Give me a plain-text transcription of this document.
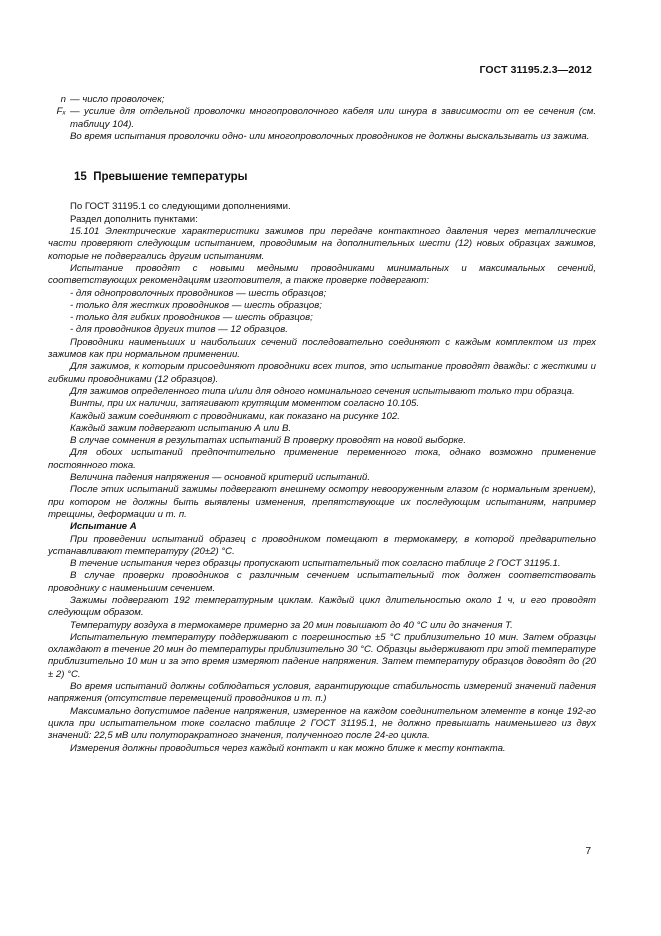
ГОСТ 31195.2.3—2012
n — число проволочек;
Fₓ — усилие для отдельной проволочки многопроволочного кабеля или шнура в зависимости от ее сечения (см. таблицу 104).

Во время испытания проволочки одно- или многопроволочных проводников не должны выскальзывать из зажима.

15 Превышение температуры

По ГОСТ 31195.1 со следующими дополнениями.

Раздел дополнить пунктами:

15.101 Электрические характеристики зажимов при передаче контактного давления через металлические части проверяют следующим испытанием, проводимым на дополнительных шести (12) новых образцах зажимов, которые не подвергались другим испытаниям.

Испытание проводят с новыми медными проводниками минимальных и максимальных сечений, соответствующих рекомендациям изготовителя, а также проверке подвергают:

- для однопроволочных проводников — шесть образцов;

- только для жестких проводников — шесть образцов;

- только для гибких проводников — шесть образцов;

- для проводников других типов — 12 образцов.

Проводники наименьших и наибольших сечений последовательно соединяют с каждым комплектом из трех зажимов как при нормальном применении.

Для зажимов, к которым присоединяют проводники всех типов, это испытание проводят дважды: с жесткими и гибкими проводниками (12 образцов).

Для зажимов определенного типа и/или для одного номинального сечения испытывают только три образца.

Винты, при их наличии, затягивают крутящим моментом согласно 10.105.

Каждый зажим соединяют с проводниками, как показано на рисунке 102.

Каждый зажим подвергают испытанию А или В.

В случае сомнения в результатах испытаний В проверку проводят на новой выборке.

Для обоих испытаний предпочтительно применение переменного тока, однако возможно применение постоянного тока.

Величина падения напряжения — основной критерий испытаний.

После этих испытаний зажимы подвергают внешнему осмотру невооруженным глазом (с нормальным зрением), при котором не должны быть выявлены изменения, препятствующие их последующим испытаниям, например трещины, деформации и т. п.

Испытание А

При проведении испытаний образец с проводником помещают в термокамеру, в которой предварительно устанавливают температуру (20±2) °С.

В течение испытания через образцы пропускают испытательный ток согласно таблице 2 ГОСТ 31195.1.

В случае проверки проводников с различным сечением испытательный ток должен соответствовать проводнику с наименьшим сечением.

Зажимы подвергают 192 температурным циклам. Каждый цикл длительностью около 1 ч, и его проводят следующим образом.

Температуру воздуха в термокамере примерно за 20 мин повышают до 40 °С или до значения Т.

Испытательную температуру поддерживают с погрешностью ±5 °С приблизительно 10 мин. Затем образцы охлаждают в течение 20 мин до температуры приблизительно 30 °С. Образцы выдерживают при этой температуре приблизительно 10 мин и за это время измеряют падение напряжения. Затем температуру образцов доводят до (20 ± 2) °С.

Во время испытаний должны соблюдаться условия, гарантирующие стабильность измерений значений падения напряжения (отсутствие перемещений проводников и т. п.)

Максимально допустимое падение напряжения, измеренное на каждом соединительном элементе в конце 192-го цикла при испытательном токе согласно таблице 2 ГОСТ 31195.1, не должно превышать наименьшего из двух значений: 22,5 мВ или полуторакратного значения, полученного после 24-го цикла.

Измерения должны проводиться через каждый контакт и как можно ближе к месту контакта.

7
